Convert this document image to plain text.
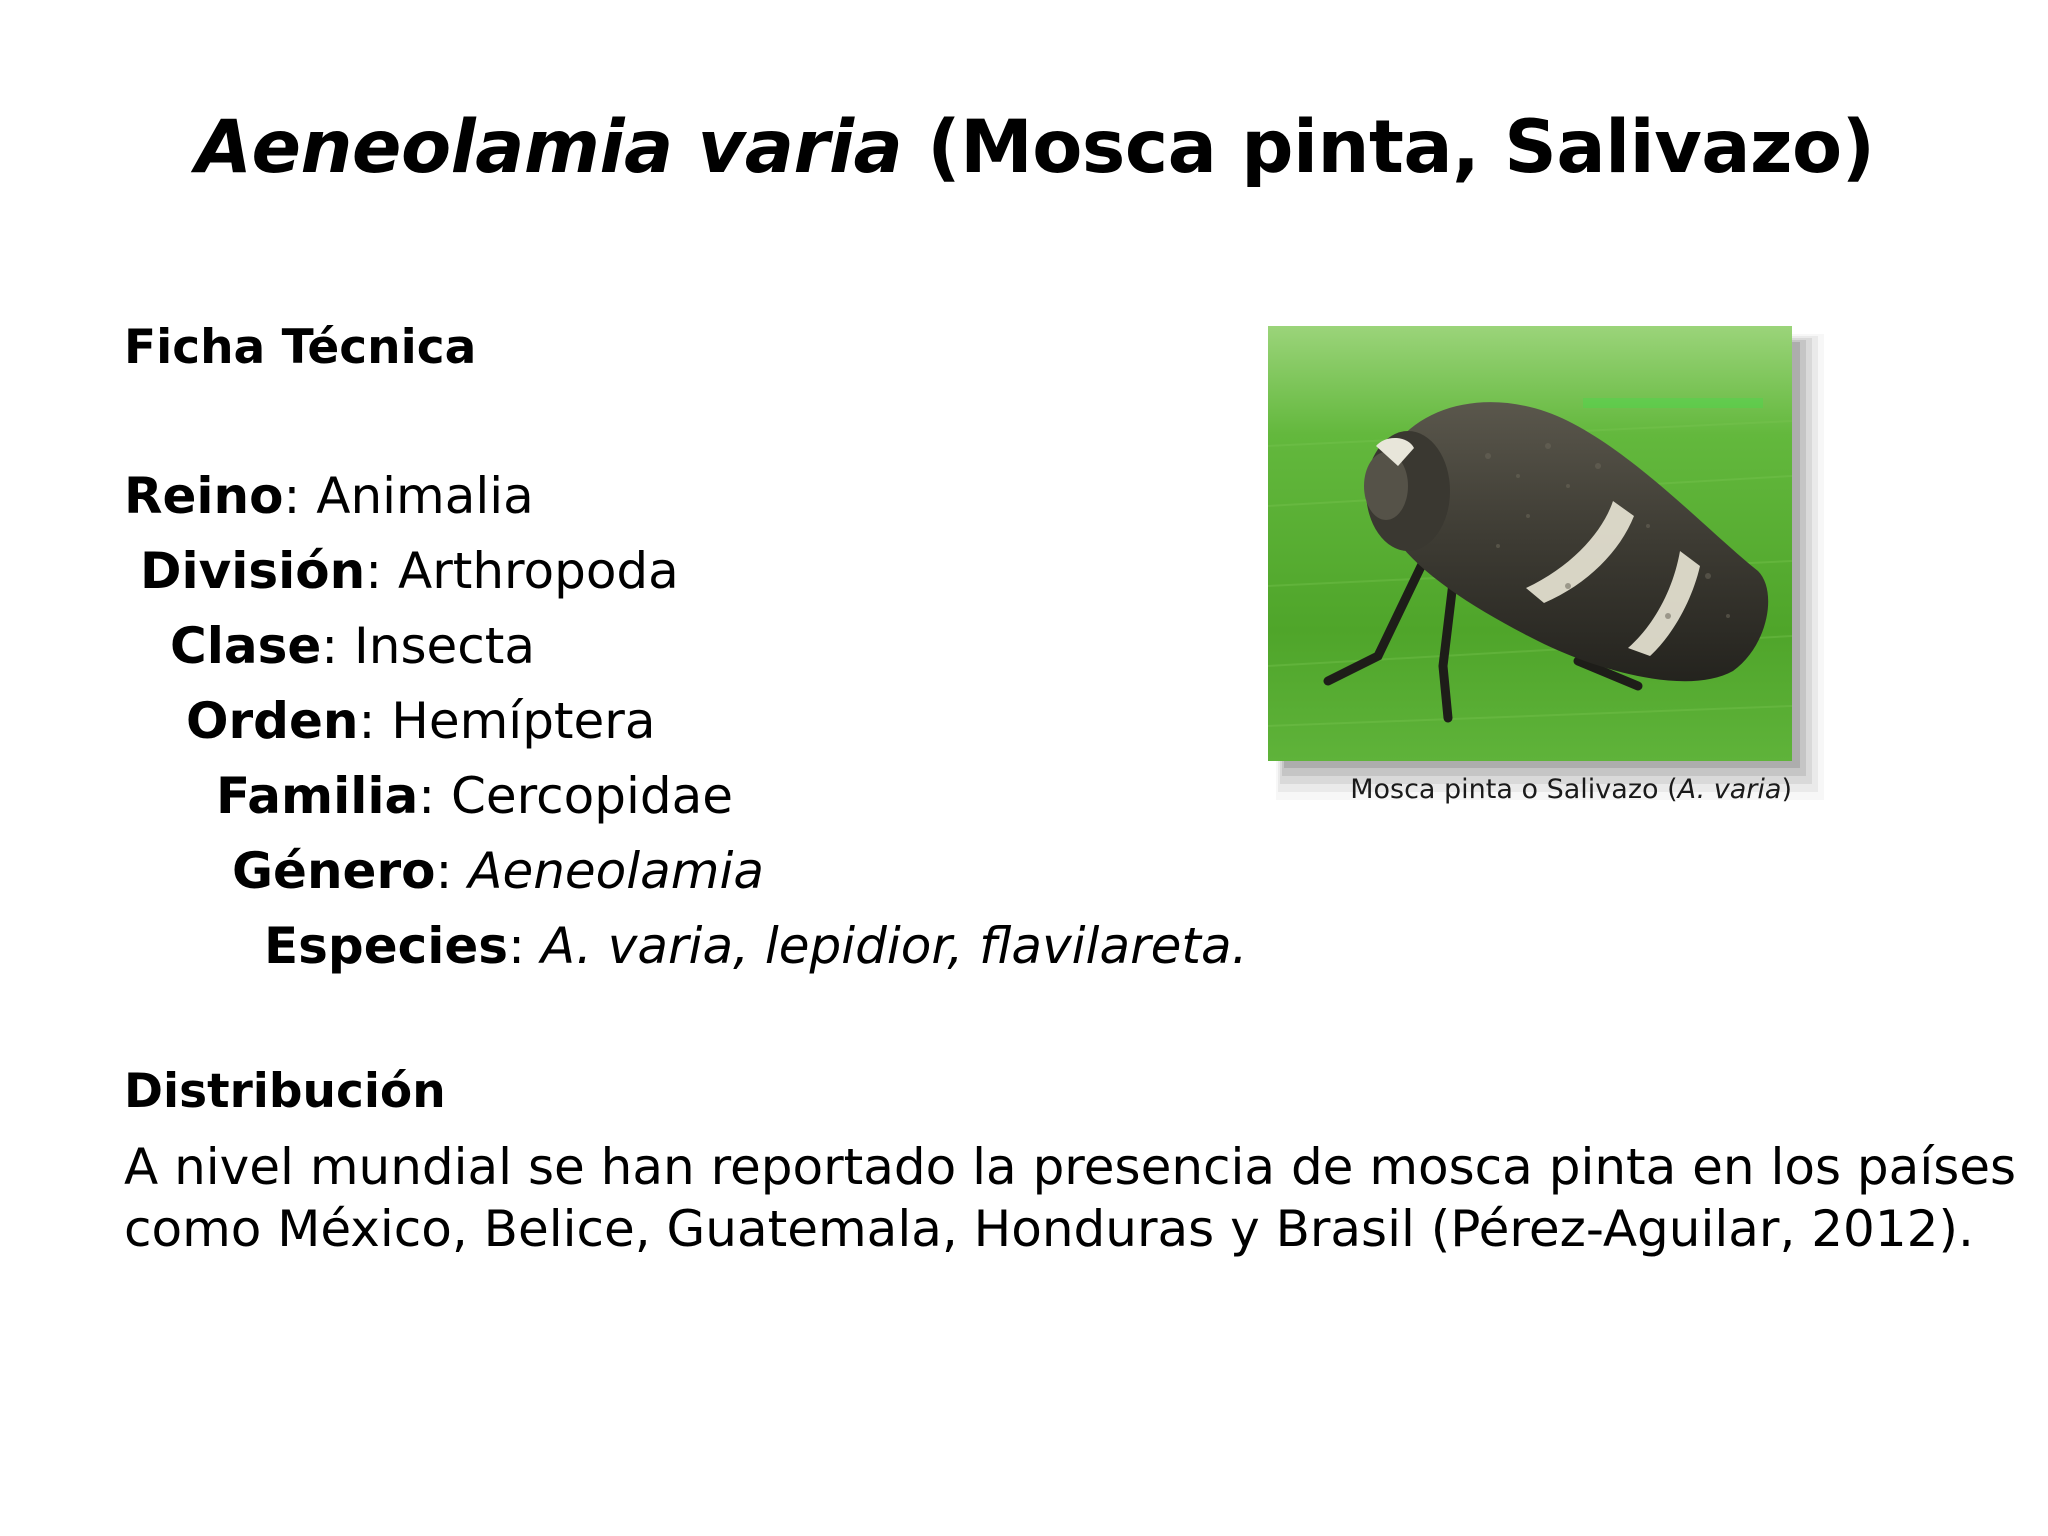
Aeneolamia varia (Mosca pinta, Salivazo)
Ficha Técnica
Reino: Animalia
División: Arthropoda
Clase: Insecta
Orden: Hemíptera
Familia: Cercopidae
Género: Aeneolamia
Especies: A. varia, lepidior, flavilareta.
Distribución
A nivel mundial se han reportado la presencia de mosca pinta en los países
como México, Belice, Guatemala, Honduras y Brasil (Pérez-Aguilar, 2012).
Mosca pinta o Salivazo (A. varia)
